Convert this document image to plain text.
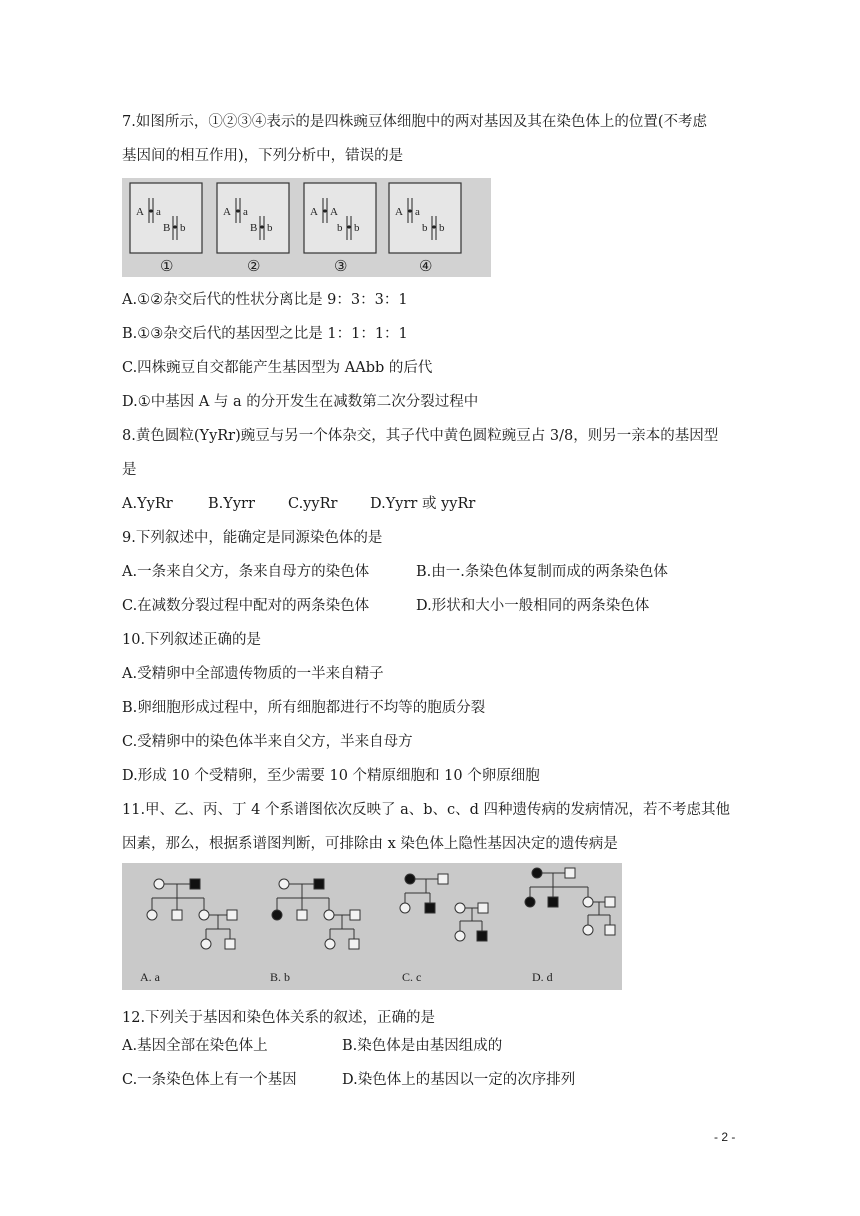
7.如图所示，①②③④表示的是四株豌豆体细胞中的两对基因及其在染色体上的位置(不考虑
基因间的相互作用)，下列分析中，错误的是
A a
B b
①
A a
B b
②
A A
b b
③
A a
b b
④
A.①②杂交后代的性状分离比是 9：3：3：1
B.①③杂交后代的基因型之比是 1：1：1：1
C.四株豌豆自交都能产生基因型为 AAbb 的后代
D.①中基因 A 与 a 的分开发生在减数第二次分裂过程中
8.黄色圆粒(YyRr)豌豆与另一个体杂交，其子代中黄色圆粒豌豆占 3/8，则另一亲本的基因型
是
A.YyRr B.Yyrr C.yyRr D.Yyrr 或 yyRr
9.下列叙述中，能确定是同源染色体的是
A.一条来自父方，条来自母方的染色体	B.由一.条染色体复制而成的两条染色体
C.在减数分裂过程中配对的两条染色体	D.形状和大小一般相同的两条染色体
10.下列叙述正确的是
A.受精卵中全部遗传物质的一半来自精子
B.卵细胞形成过程中，所有细胞都进行不均等的胞质分裂
C.受精卵中的染色体半来自父方，半来自母方
D.形成 10 个受精卵，至少需要 10 个精原细胞和 10 个卵原细胞
11.甲、乙、丙、丁 4 个系谱图依次反映了 a、b、c、d 四种遗传病的发病情况，若不考虑其他
因素，那么，根据系谱图判断，可排除由 x 染色体上隐性基因决定的遗传病是
A. a	B. b	C. c	D. d
12.下列关于基因和染色体关系的叙述，正确的是
A.基因全部在染色体上	B.染色体是由基因组成的
C.一条染色体上有一个基因	D.染色体上的基因以一定的次序排列
- 2 -
